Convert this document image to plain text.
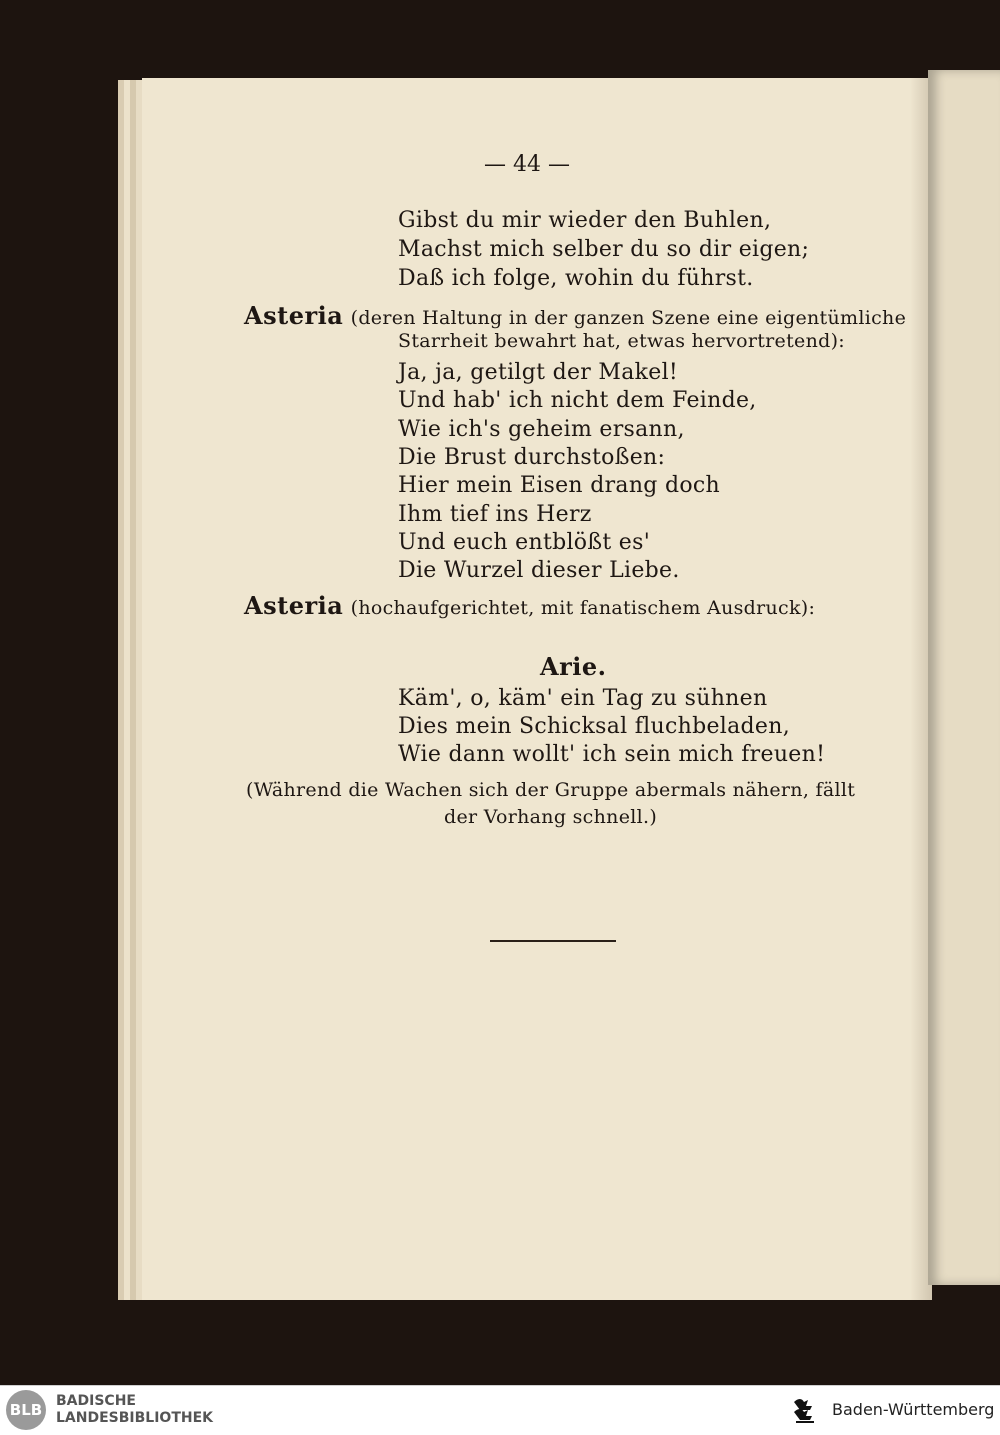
— 44 —
Gibst du mir wieder den Buhlen,
Machst mich selber du so dir eigen;
Daß ich folge, wohin du führst.
Asteria (deren Haltung in der ganzen Szene eine eigentümliche
Starrheit bewahrt hat, etwas hervortretend):
Ja, ja, getilgt der Makel!
Und hab' ich nicht dem Feinde,
Wie ich's geheim ersann,
Die Brust durchstoßen:
Hier mein Eisen drang doch
Ihm tief ins Herz
Und euch entblößt es'
Die Wurzel dieser Liebe.
Asteria (hochaufgerichtet, mit fanatischem Ausdruck):
Arie.
Käm', o, käm' ein Tag zu sühnen
Dies mein Schicksal fluchbeladen,
Wie dann wollt' ich sein mich freuen!
(Während die Wachen sich der Gruppe abermals nähern, fällt
der Vorhang schnell.)
BLB BADISCHE
LANDESBIBLIOTHEK	Baden-Württemberg
